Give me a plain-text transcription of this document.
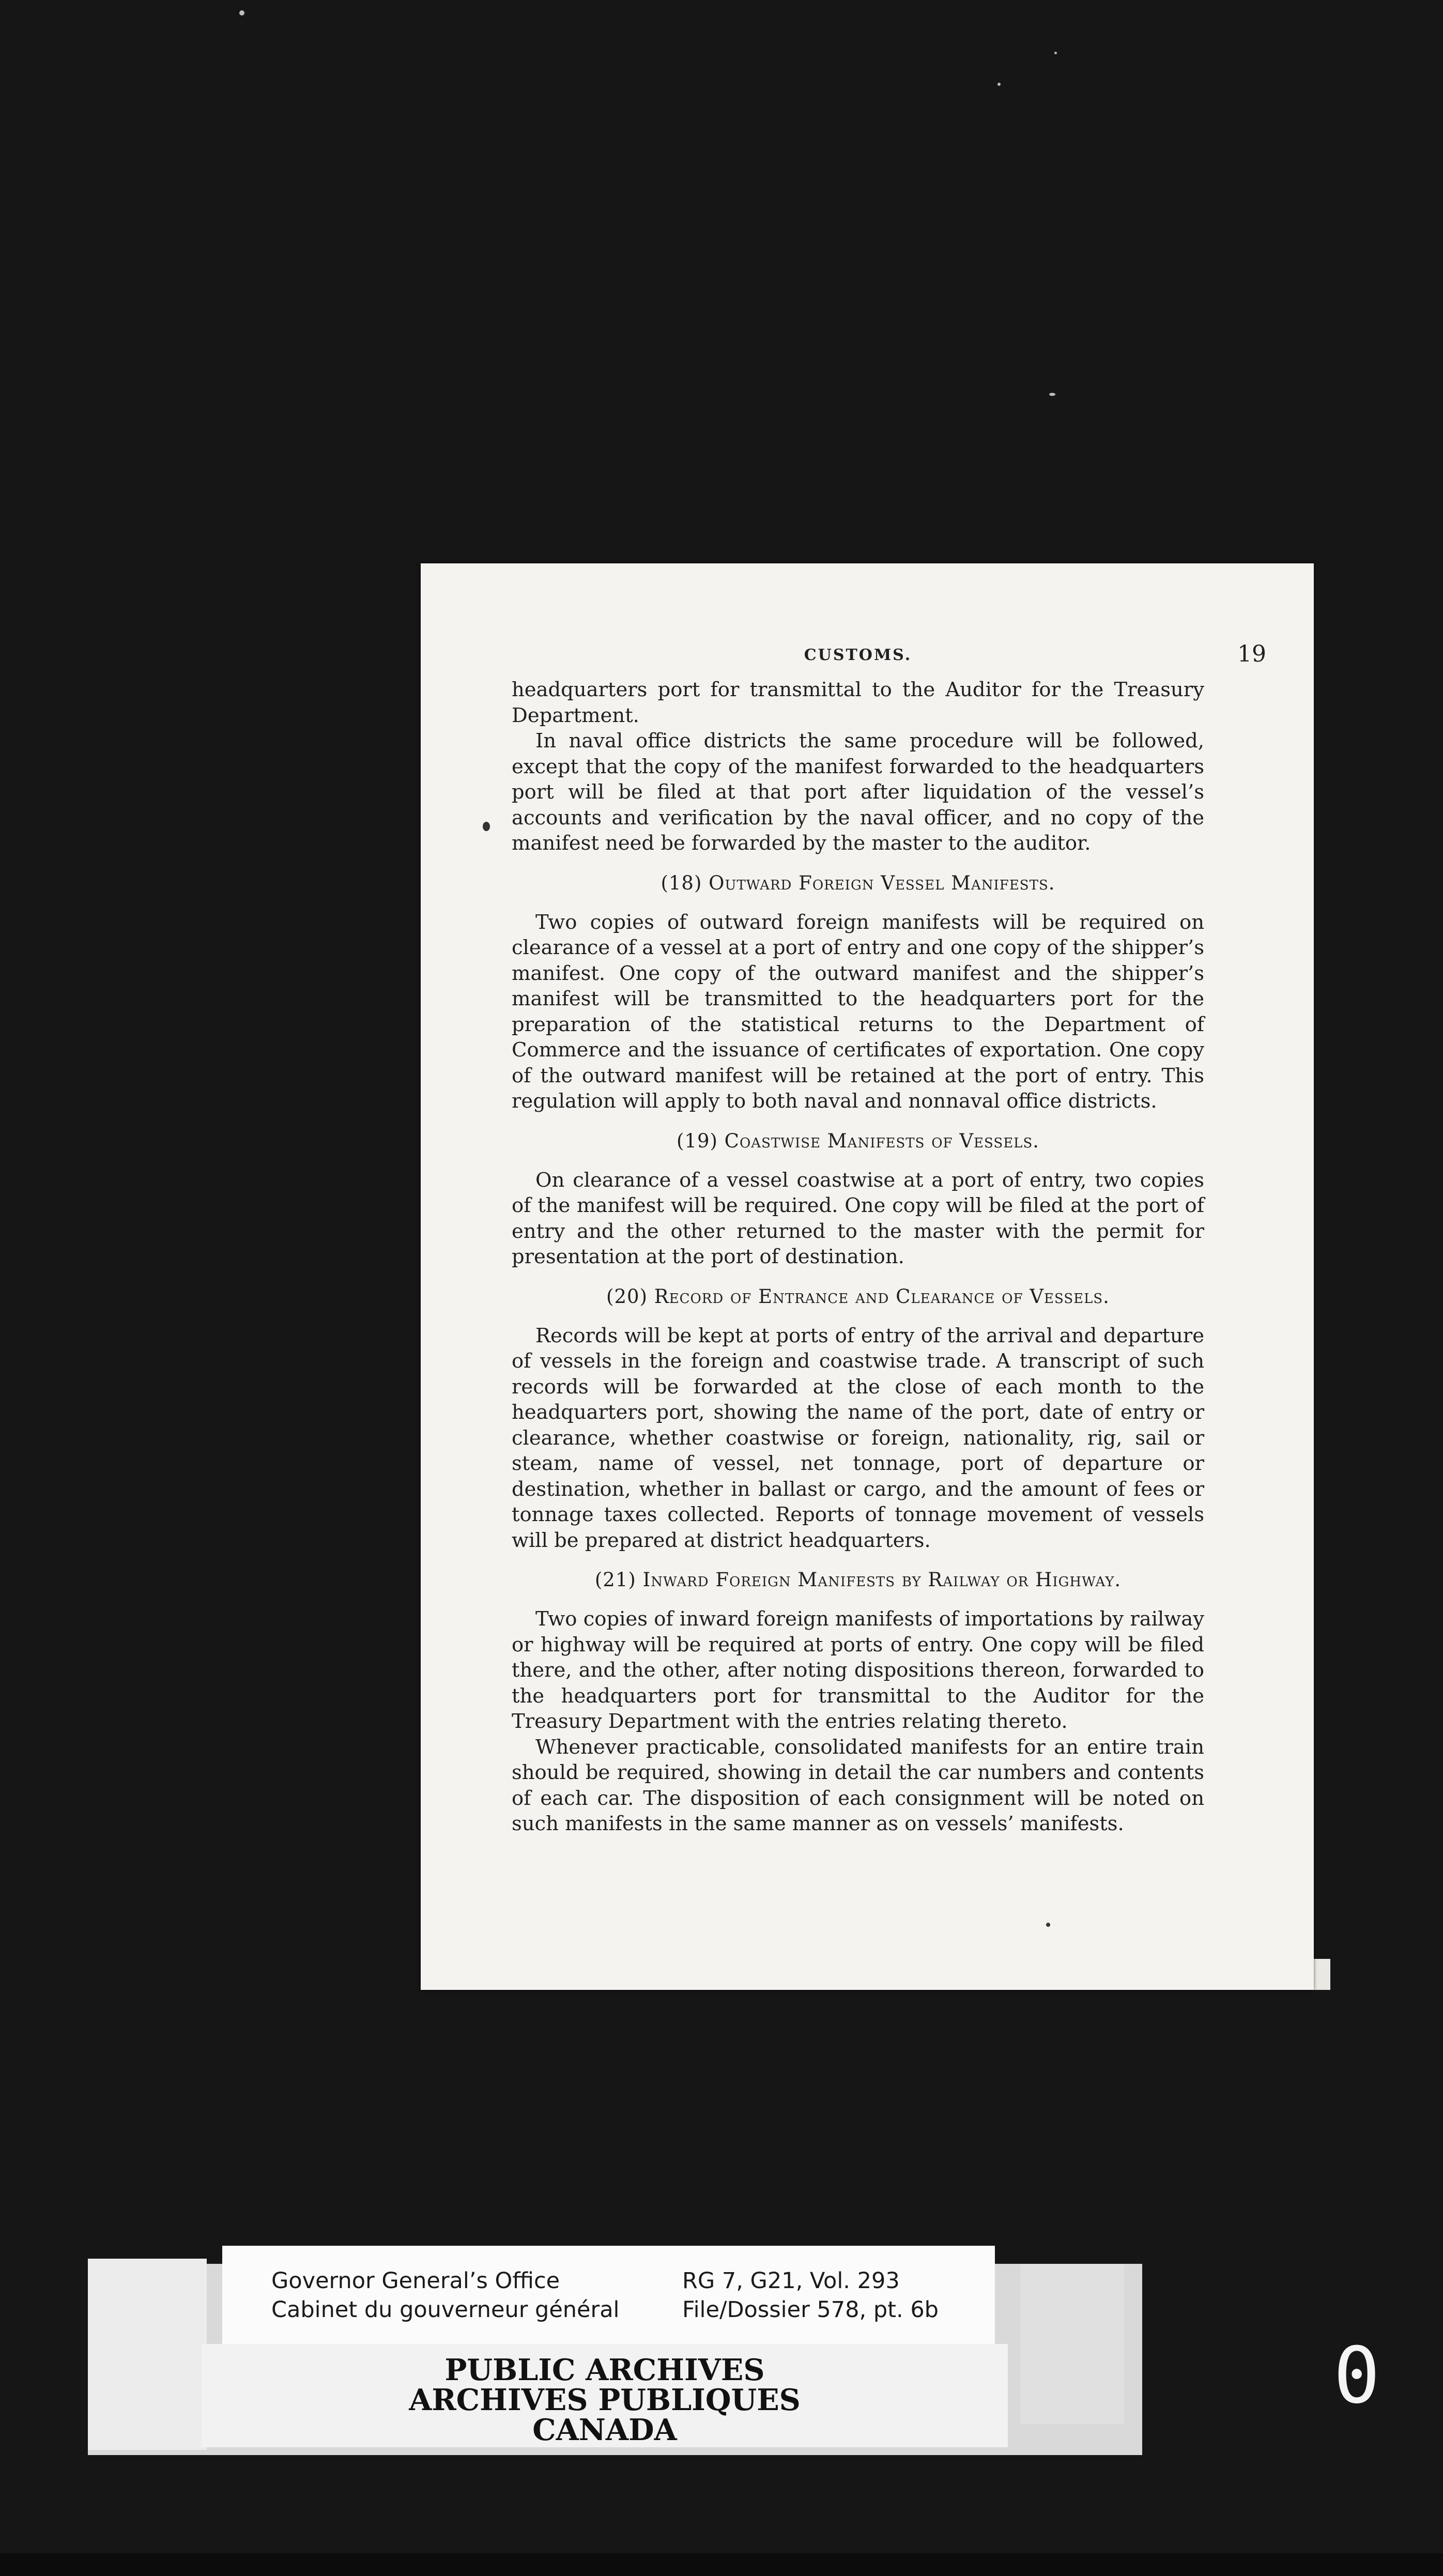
CUSTOMS.	19

headquarters port for transmittal to the Auditor for the Treasury Department.

In naval office districts the same procedure will be followed, except that the copy of the manifest forwarded to the headquarters port will be filed at that port after liquidation of the vessel’s accounts and verification by the naval officer, and no copy of the manifest need be forwarded by the master to the auditor.

(18) Outward Foreign Vessel Manifests.

Two copies of outward foreign manifests will be required on clearance of a vessel at a port of entry and one copy of the shipper’s manifest. One copy of the outward manifest and the shipper’s manifest will be transmitted to the headquarters port for the preparation of the statistical returns to the Department of Commerce and the issuance of certificates of exportation. One copy of the outward manifest will be retained at the port of entry. This regulation will apply to both naval and nonnaval office districts.

(19) Coastwise Manifests of Vessels.

On clearance of a vessel coastwise at a port of entry, two copies of the manifest will be required. One copy will be filed at the port of entry and the other returned to the master with the permit for presentation at the port of destination.

(20) Record of Entrance and Clearance of Vessels.

Records will be kept at ports of entry of the arrival and departure of vessels in the foreign and coastwise trade. A transcript of such records will be forwarded at the close of each month to the headquarters port, showing the name of the port, date of entry or clearance, whether coastwise or foreign, nationality, rig, sail or steam, name of vessel, net tonnage, port of departure or destination, whether in ballast or cargo, and the amount of fees or tonnage taxes collected. Reports of tonnage movement of vessels will be prepared at district headquarters.

(21) Inward Foreign Manifests by Railway or Highway.

Two copies of inward foreign manifests of importations by railway or highway will be required at ports of entry. One copy will be filed there, and the other, after noting dispositions thereon, forwarded to the headquarters port for transmittal to the Auditor for the Treasury Department with the entries relating thereto.

Whenever practicable, consolidated manifests for an entire train should be required, showing in detail the car numbers and contents of each car. The disposition of each consignment will be noted on such manifests in the same manner as on vessels’ manifests.

Governor General’s Office
Cabinet du gouverneur général
RG 7, G21, Vol. 293
File/Dossier 578, pt. 6b
PUBLIC ARCHIVES
ARCHIVES PUBLIQUES
CANADA
0
